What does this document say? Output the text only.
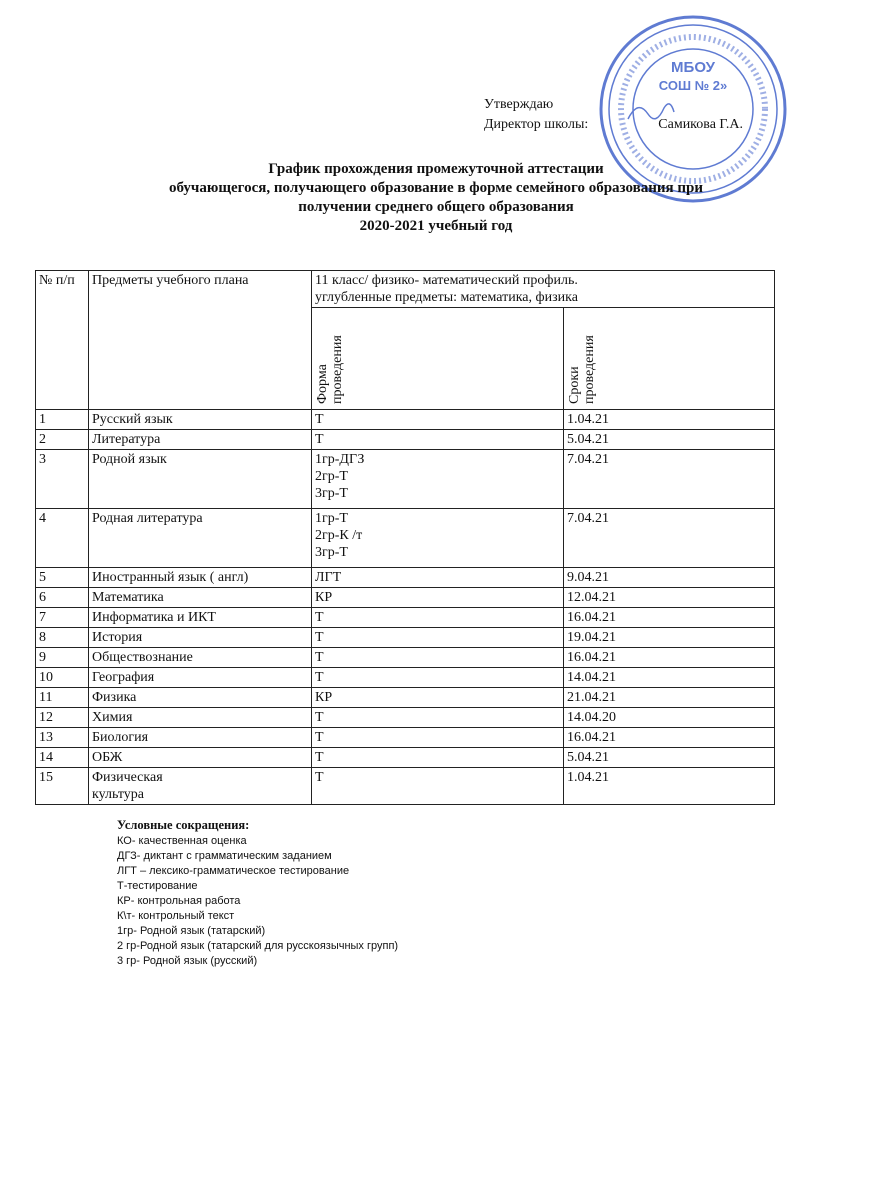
МБОУ
СОШ № 2»
Утверждаю
Директор школы:	Самикова Г.А.
График прохождения промежуточной аттестации
обучающегося, получающего образование в форме семейного образования при
получении среднего общего образования
2020-2021 учебный год
№ п/п	Предметы учебного плана	11 класс/ физико- математический профиль.
углубленные предметы: математика, физика	

		Форма проведения	Сроки проведения
1	Русский язык	Т	1.04.21
2	Литература	Т	5.04.21
3	Родной язык	1гр-ДГЗ
2гр-Т
3гр-Т	7.04.21
4	Родная литература	1гр-Т
2гр-К /т
3гр-Т	7.04.21
5	Иностранный язык ( англ)	ЛГТ	9.04.21
6	Математика	КР	12.04.21
7	Информатика и ИКТ	Т	16.04.21
8	История	Т	19.04.21
9	Обществознание	Т	16.04.21
10	География	Т	14.04.21
11	Физика	КР	21.04.21
12	Химия	Т	14.04.20
13	Биология	Т	16.04.21
14	ОБЖ	Т	5.04.21
15	Физическая
культура	Т	1.04.21
Условные сокращения:
КО- качественная оценка
ДГЗ- диктант с грамматическим заданием
ЛГТ – лексико-грамматическое тестирование
Т-тестирование
КР- контрольная работа
К\т- контрольный текст
1гр- Родной язык (татарский)
2 гр-Родной язык (татарский для русскоязычных групп)
3 гр- Родной язык (русский)
